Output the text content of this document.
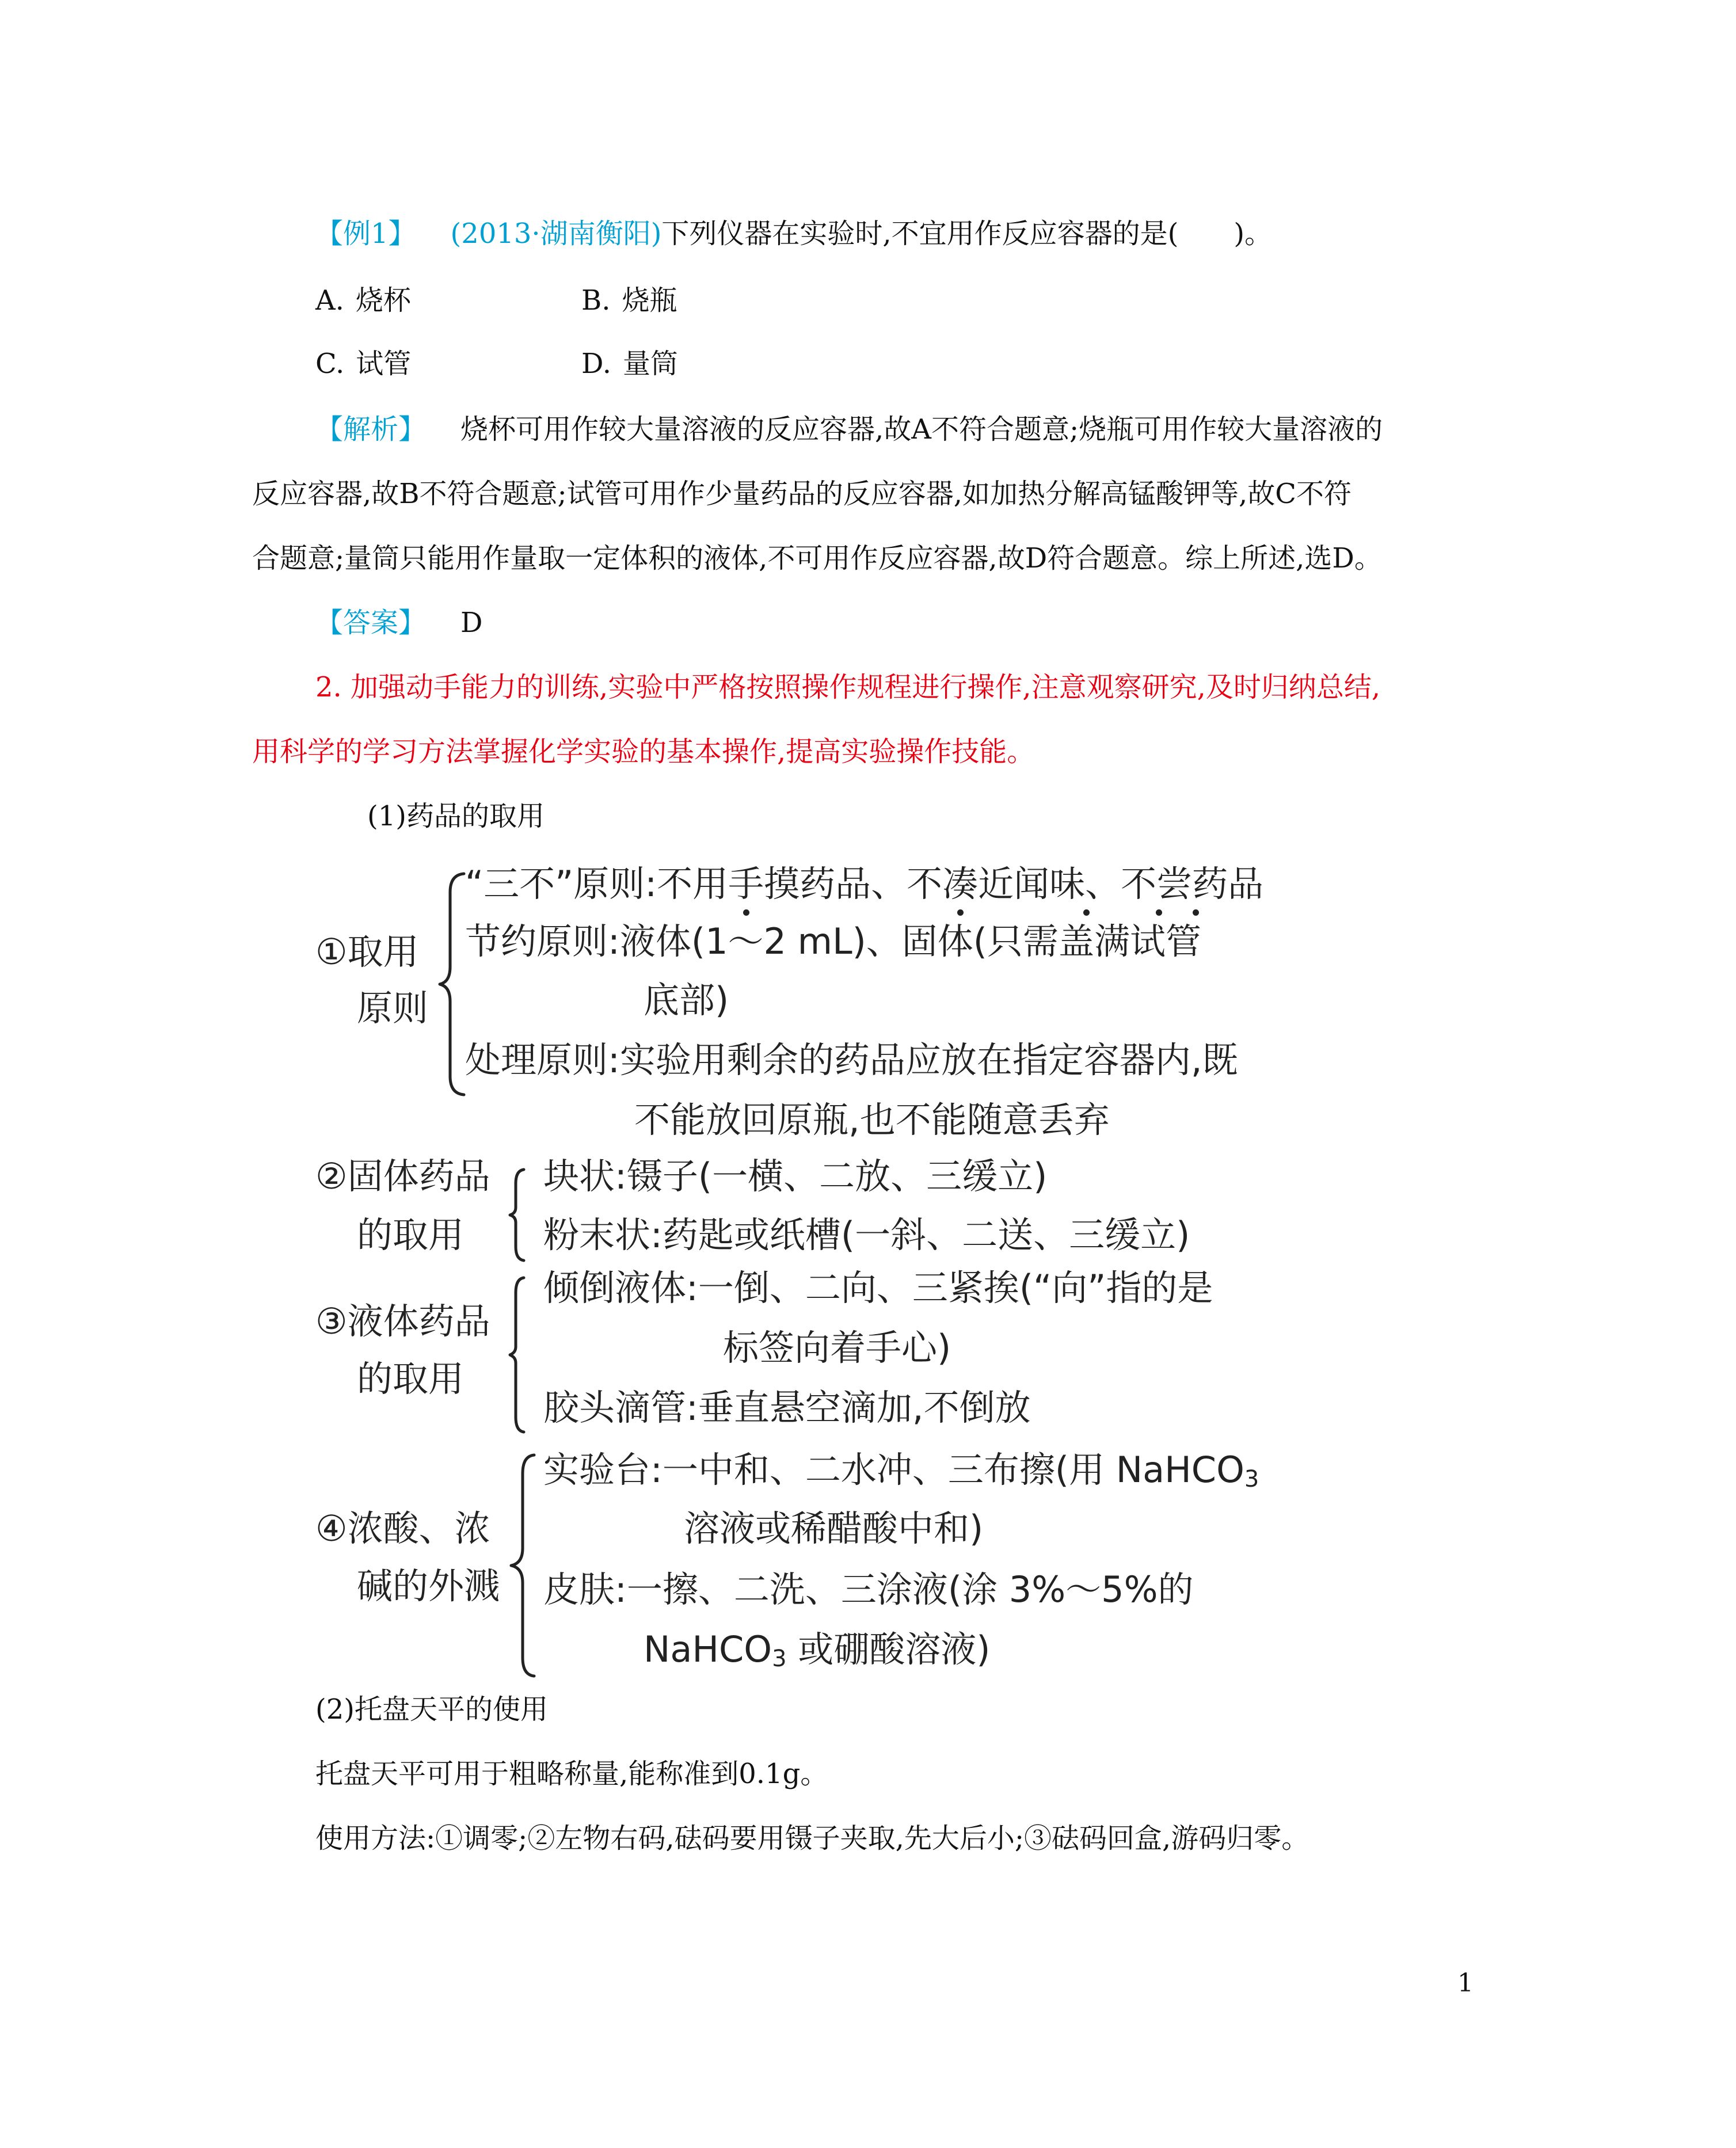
【例1】 (2013·湖南衡阳)下列仪器在实验时,不宜用作反应容器的是(　　)。
A. 烧杯	B. 烧瓶
C. 试管	D. 量筒
【解析】 烧杯可用作较大量溶液的反应容器,故A不符合题意;烧瓶可用作较大量溶液的
反应容器,故B不符合题意;试管可用作少量药品的反应容器,如加热分解高锰酸钾等,故C不符
合题意;量筒只能用作量取一定体积的液体,不可用作反应容器,故D符合题意。综上所述,选D。
【答案】 D
2. 加强动手能力的训练,实验中严格按照操作规程进行操作,注意观察研究,及时归纳总结,
用科学的学习方法掌握化学实验的基本操作,提高实验操作技能。
(1)药品的取用
①取用
原则
“三不”原则:不用手摸药品、不凑近闻味、不尝药品
节约原则:液体(1～2 mL)、固体(只需盖满试管
底部)
处理原则:实验用剩余的药品应放在指定容器内,既
不能放回原瓶,也不能随意丢弃
②固体药品
的取用
块状:镊子(一横、二放、三缓立)
粉末状:药匙或纸槽(一斜、二送、三缓立)
③液体药品
的取用
倾倒液体:一倒、二向、三紧挨(“向”指的是
标签向着手心)
胶头滴管:垂直悬空滴加,不倒放
④浓酸、浓
碱的外溅
实验台:一中和、二水冲、三布擦(用 NaHCO$_3$
溶液或稀醋酸中和)
皮肤:一擦、二洗、三涂液(涂 3%～5%的
NaHCO$_3$ 或硼酸溶液)
(2)托盘天平的使用
托盘天平可用于粗略称量,能称准到0.1g。
使用方法:①调零;②左物右码,砝码要用镊子夹取,先大后小;③砝码回盒,游码归零。
1
